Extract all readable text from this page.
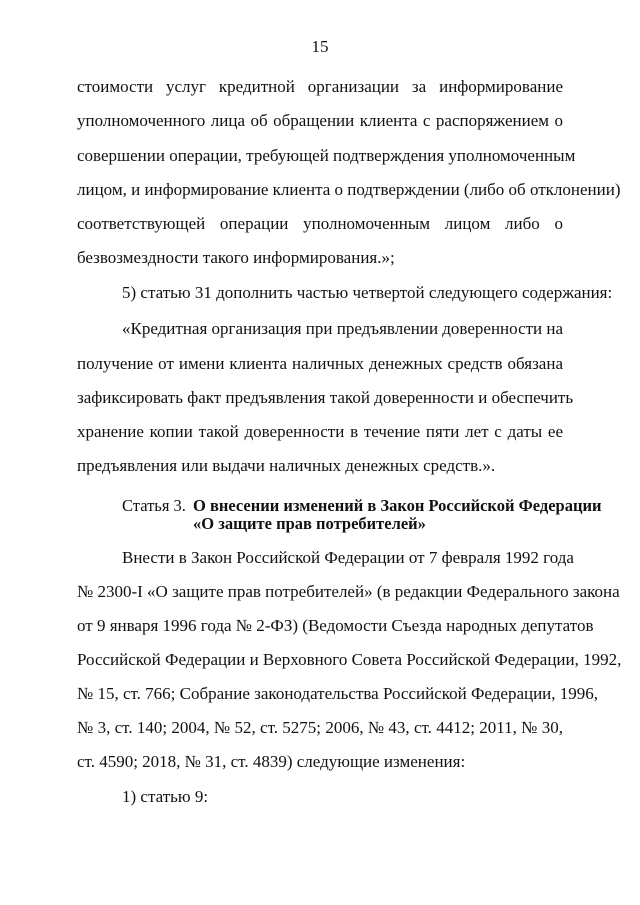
15
стоимости услуг кредитной организации за информирование
уполномоченного лица об обращении клиента с распоряжением о
совершении операции, требующей подтверждения уполномоченным
лицом, и информирование клиента о подтверждении (либо об отклонении)
соответствующей операции уполномоченным лицом либо о
безвозмездности такого информирования.»;
5) статью 31 дополнить частью четвертой следующего содержания:
«Кредитная организация при предъявлении доверенности на
получение от имени клиента наличных денежных средств обязана
зафиксировать факт предъявления такой доверенности и обеспечить
хранение копии такой доверенности в течение пяти лет с даты ее
предъявления или выдачи наличных денежных средств.».
Статья 3. О внесении изменений в Закон Российской Федерации
«О защите прав потребителей»
Внести в Закон Российской Федерации от 7 февраля 1992 года
№ 2300-I «О защите прав потребителей» (в редакции Федерального закона
от 9 января 1996 года № 2-ФЗ) (Ведомости Съезда народных депутатов
Российской Федерации и Верховного Совета Российской Федерации, 1992,
№ 15, ст. 766; Собрание законодательства Российской Федерации, 1996,
№ 3, ст. 140; 2004, № 52, ст. 5275; 2006, № 43, ст. 4412; 2011, № 30,
ст. 4590; 2018, № 31, ст. 4839) следующие изменения:
1) статью 9:
